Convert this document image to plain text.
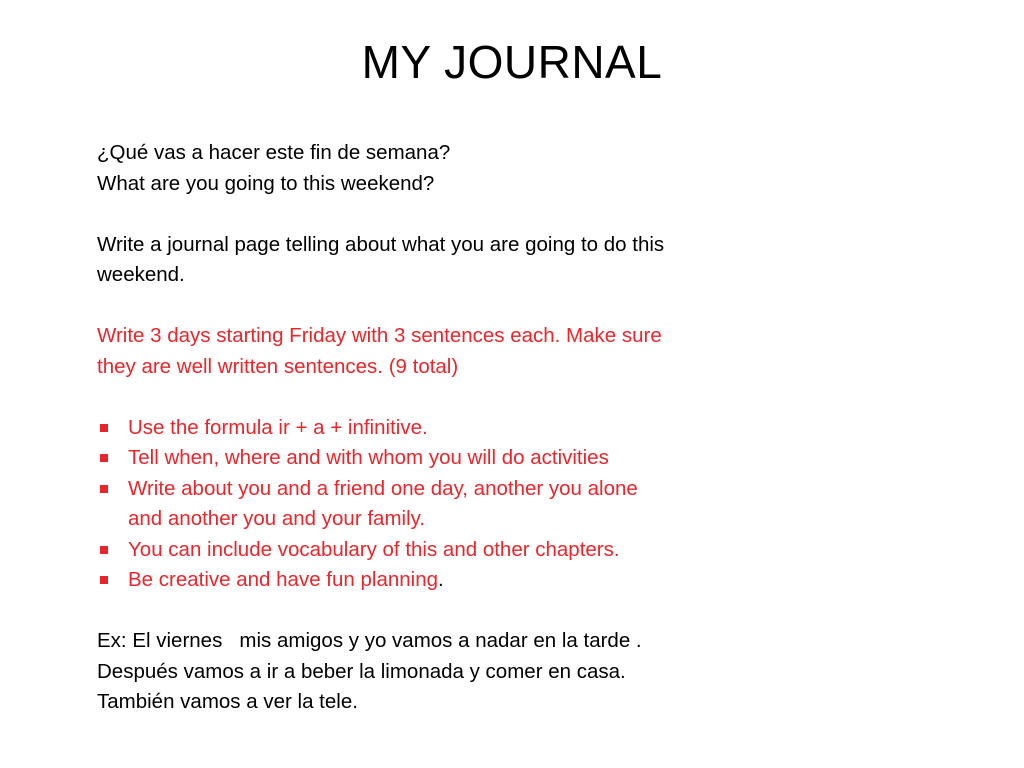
MY JOURNAL
¿Qué vas a hacer este fin de semana?
What are you going to this weekend?
Write a journal page telling about what you are going to do this
weekend.
Write 3 days starting Friday with 3 sentences each. Make sure
they are well written sentences. (9 total)
Use the formula ir + a + infinitive.
Tell when, where and with whom you will do activities
Write about you and a friend one day, another you alone
and another you and your family.
You can include vocabulary of this and other chapters.
Be creative and have fun planning.
Ex: El viernes   mis amigos y yo vamos a nadar en la tarde .
Después vamos a ir a beber la limonada y comer en casa.
También vamos a ver la tele.
